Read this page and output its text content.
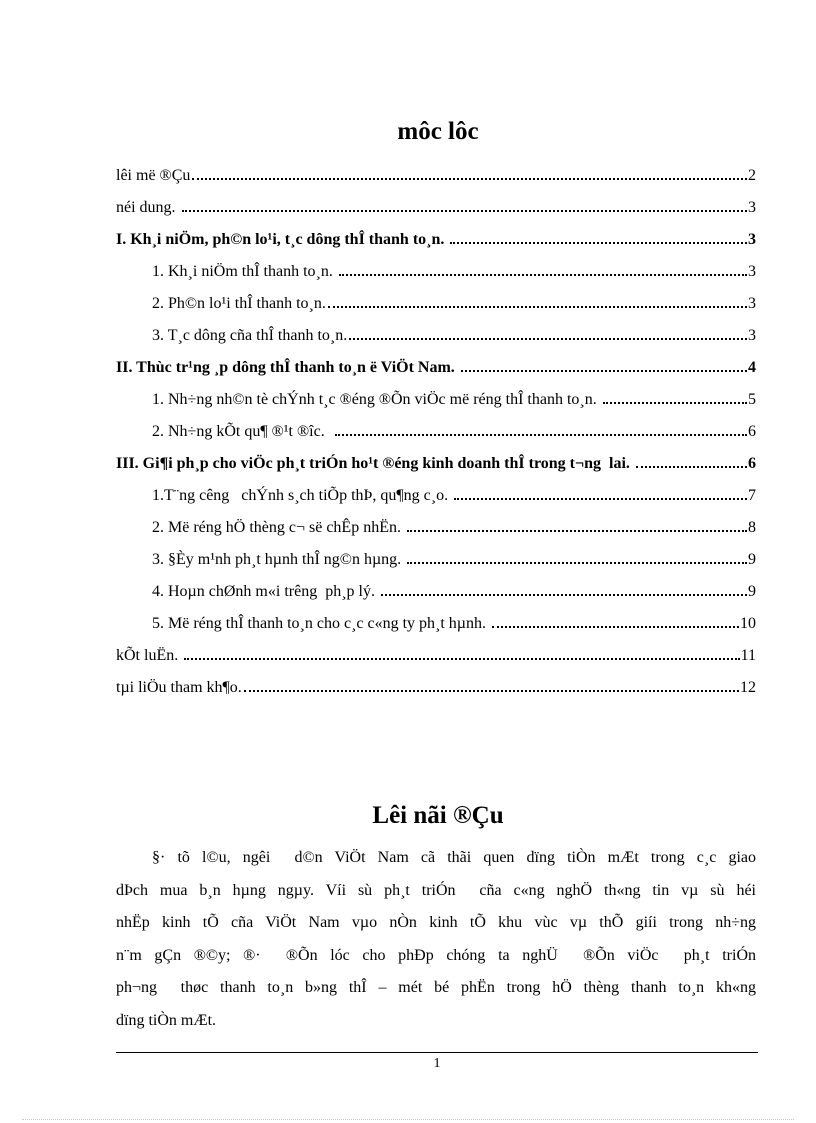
môc lôc
lêi më ®Çu	2
néi dung.	3
I. Kh¸i niÖm, ph©n lo¹i, t¸c dông thÎ thanh to¸n.	3
1. Kh¸i niÖm thÎ thanh to¸n.	3
2. Ph©n lo¹i thÎ thanh to¸n.	3
3. T¸c dông cña thÎ thanh to¸n.	3
II. Thùc tr¹ng ¸p dông thÎ thanh to¸n ë ViÖt Nam.	4
1. Nh÷ng nh©n tè chÝnh t¸c ®éng ®Õn viÖc më réng thÎ thanh to¸n.	5
2. Nh÷ng kÕt qu¶ ®¹t ®îc.	6
III. Gi¶i ph¸p cho viÖc ph¸t triÓn ho¹t ®éng kinh doanh thÎ trong t¬ng  lai.	6
1.T¨ng cêng   chÝnh s¸ch tiÕp thÞ, qu¶ng c¸o.	7
2. Më réng hÖ thèng c¬ së chÊp nhËn.	8
3. §Èy m¹nh ph¸t hµnh thÎ ng©n hµng.	9
4. Hoµn chØnh m«i trêng  ph¸p lý.	9
5. Më réng thÎ thanh to¸n cho c¸c c«ng ty ph¸t hµnh.	10
kÕt luËn.	11
tµi liÖu tham kh¶o.	12
Lêi nãi ®Çu
§· tõ l©u, ngêi  d©n ViÖt Nam cã thãi quen dïng tiÒn mÆt trong c¸c giao
dÞch mua b¸n hµng ngµy. Víi sù ph¸t triÓn  cña c«ng nghÖ th«ng tin vµ sù héi
nhËp kinh tÕ cña ViÖt Nam vµo nÒn kinh tÕ khu vùc vµ thÕ giíi trong nh÷ng
n¨m gÇn ®©y; ®·  ®Õn lóc cho phÐp chóng ta nghÜ  ®Õn viÖc  ph¸t triÓn
ph¬ng  thøc thanh to¸n b»ng thÎ – mét bé phËn trong hÖ thèng thanh to¸n kh«ng
dïng tiÒn mÆt.
1
